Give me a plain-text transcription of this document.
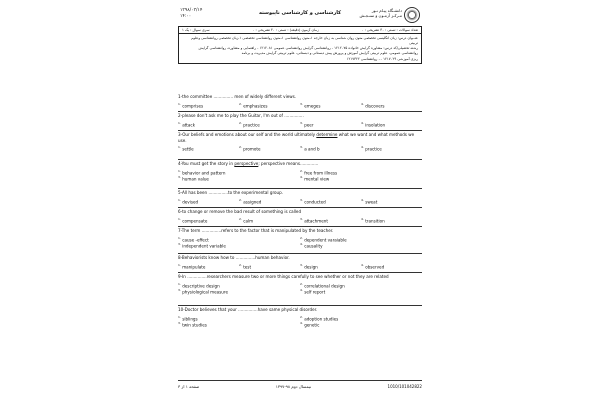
۱۳۹۸/۰۳/۱۴
۱۴:۰۰
کارشناسی و کارشناسی ناپیوسته	دانشـگاه پیـام نـور
مـرکـز آزمـون و سنـجـش
تعداد سوالات : تستی : ۳۰ تشریحی : ۰
زمان آزمون (دقیقه) : تستی : ۴۰ تشریحی : ۰
سری سوال : یک ۱
عنــوان درس: زبان انگلیسی تخصصی متون روان شناسی به زبان خارجه ۱،متون روانشناسی ۱،متون روانشناسی تخصصی ۱،زبان تخصصی روانشناسی وعلوم تربیتی
رشته تحصیلی/کد درس: مشاوره گرایش خانواده ۱۲۱۲۰۷۵ - روانشناسی گرایش روانشناسی عمومی ۱۲۱۲۰۸۱ - راهنمایی و مشاوره، روانشناسی گرایش
روانشناسی عمومی، علوم تربیتی گرایش آموزش و پرورش پیش دبستانی و دبستانی، علوم تربیتی گرایش مدیریت و برنامه
ریزی آموزشی ۱۲۱۷۰۲۹ - ، روانشناسی ۱۲۱۷۳۲۲
1-the committee ............... men of widely different views.
$^{1.}$ comprises	$^{2.}$ emphasizes	$^{3.}$ emeges	$^{4.}$ discovers
2-please don't ask me to play the Guitar, I'm out of ...............
$^{1.}$ attack	$^{2.}$ practice	$^{3.}$ peer	$^{4.}$ insolation
3-Our beliefs and emotions about our self and the world ultimately determine what we want and what methods we use.
$^{1.}$ settle	$^{2.}$ promote	$^{3.}$ a and b	$^{4.}$ practice
4-You must get the story in perspective; perspective means..............
$^{1.}$ behavior and pattern	$^{2.}$ free from illness
$^{3.}$ human value	$^{4.}$ mental view
5-All has been ...............to the experimental group.
$^{1.}$ devised	$^{2.}$ assigned	$^{3.}$ conducted	$^{4.}$ sweat
6-to change or remove the bad result of something is called
$^{1.}$ compensate	$^{2.}$ calm	$^{3.}$ attachment	$^{4.}$ transition
7-The term ...............refers to the factor that is manipulated by the teacher.
$^{1.}$ cause -effect	$^{2.}$ dependent varaiable
$^{3.}$ independent variable	$^{4.}$ causality
8-Behaviorists know how to ...............human behavior.
$^{1.}$ manipulate	$^{2.}$ test	$^{3.}$ design	$^{4.}$ observed
9-In ...............researchers measure two or more things carefully to see whether or not they are related
$^{1.}$ descriptive design	$^{2.}$ correlational design
$^{3.}$ physiological measure	$^{4.}$ self report
10-Doctor believes that your ...............have same physical disorder.
$^{1.}$ siblings	$^{2.}$ adoption studies
$^{3.}$ twin studies	$^{4.}$ genetic
صفحه ۱ از ۳	نیمسال دوم ۹۸-۱۳۹۷	1010/101042822
